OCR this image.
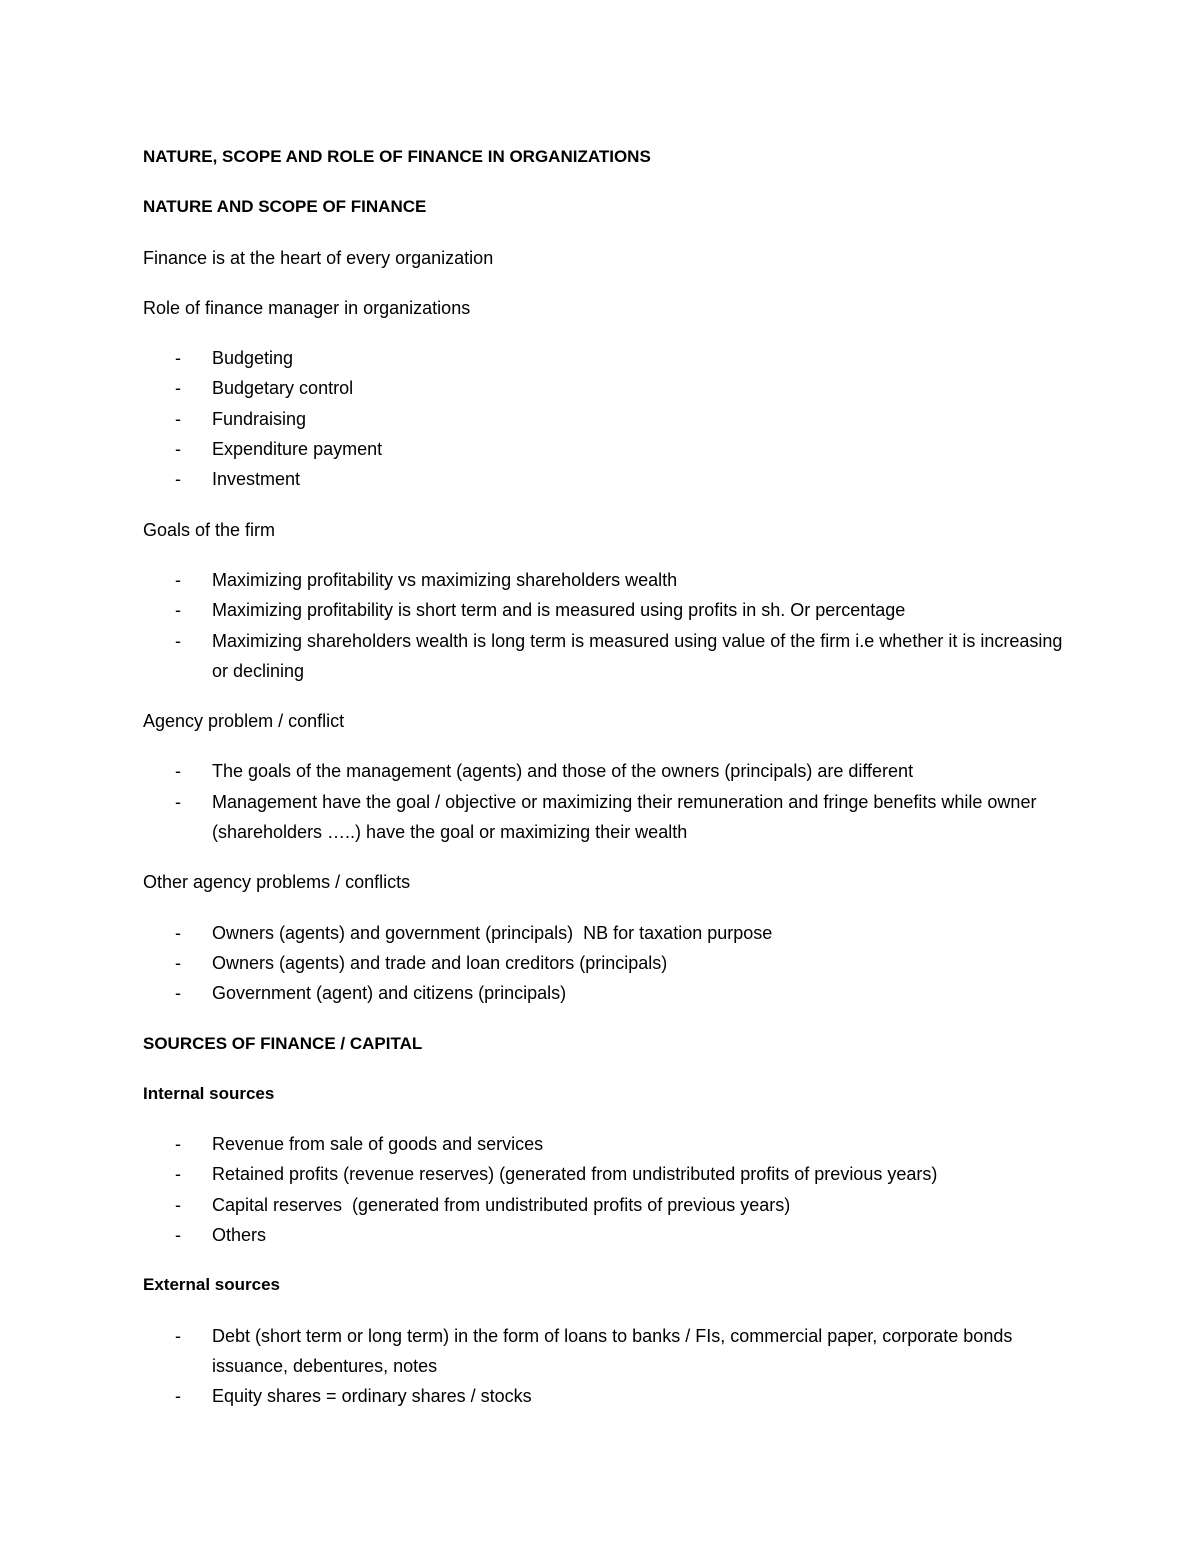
NATURE, SCOPE AND ROLE OF FINANCE IN ORGANIZATIONS
NATURE AND SCOPE OF FINANCE
Finance is at the heart of every organization
Role of finance manager in organizations
- Budgeting
- Budgetary control
- Fundraising
- Expenditure payment
- Investment
Goals of the firm
- Maximizing profitability vs maximizing shareholders wealth
- Maximizing profitability is short term and is measured using profits in sh. Or percentage
- Maximizing shareholders wealth is long term is measured using value of the firm i.e whether it is increasing or declining
Agency problem / conflict
- The goals of the management (agents) and those of the owners (principals) are different
- Management have the goal / objective or maximizing their remuneration and fringe benefits while owner (shareholders …..) have the goal or maximizing their wealth
Other agency problems / conflicts
- Owners (agents) and government (principals)  NB for taxation purpose
- Owners (agents) and trade and loan creditors (principals)
- Government (agent) and citizens (principals)
SOURCES OF FINANCE / CAPITAL
Internal sources
- Revenue from sale of goods and services
- Retained profits (revenue reserves) (generated from undistributed profits of previous years)
- Capital reserves  (generated from undistributed profits of previous years)
- Others
External sources
- Debt (short term or long term) in the form of loans to banks / FIs, commercial paper, corporate bonds issuance, debentures, notes
- Equity shares = ordinary shares / stocks
